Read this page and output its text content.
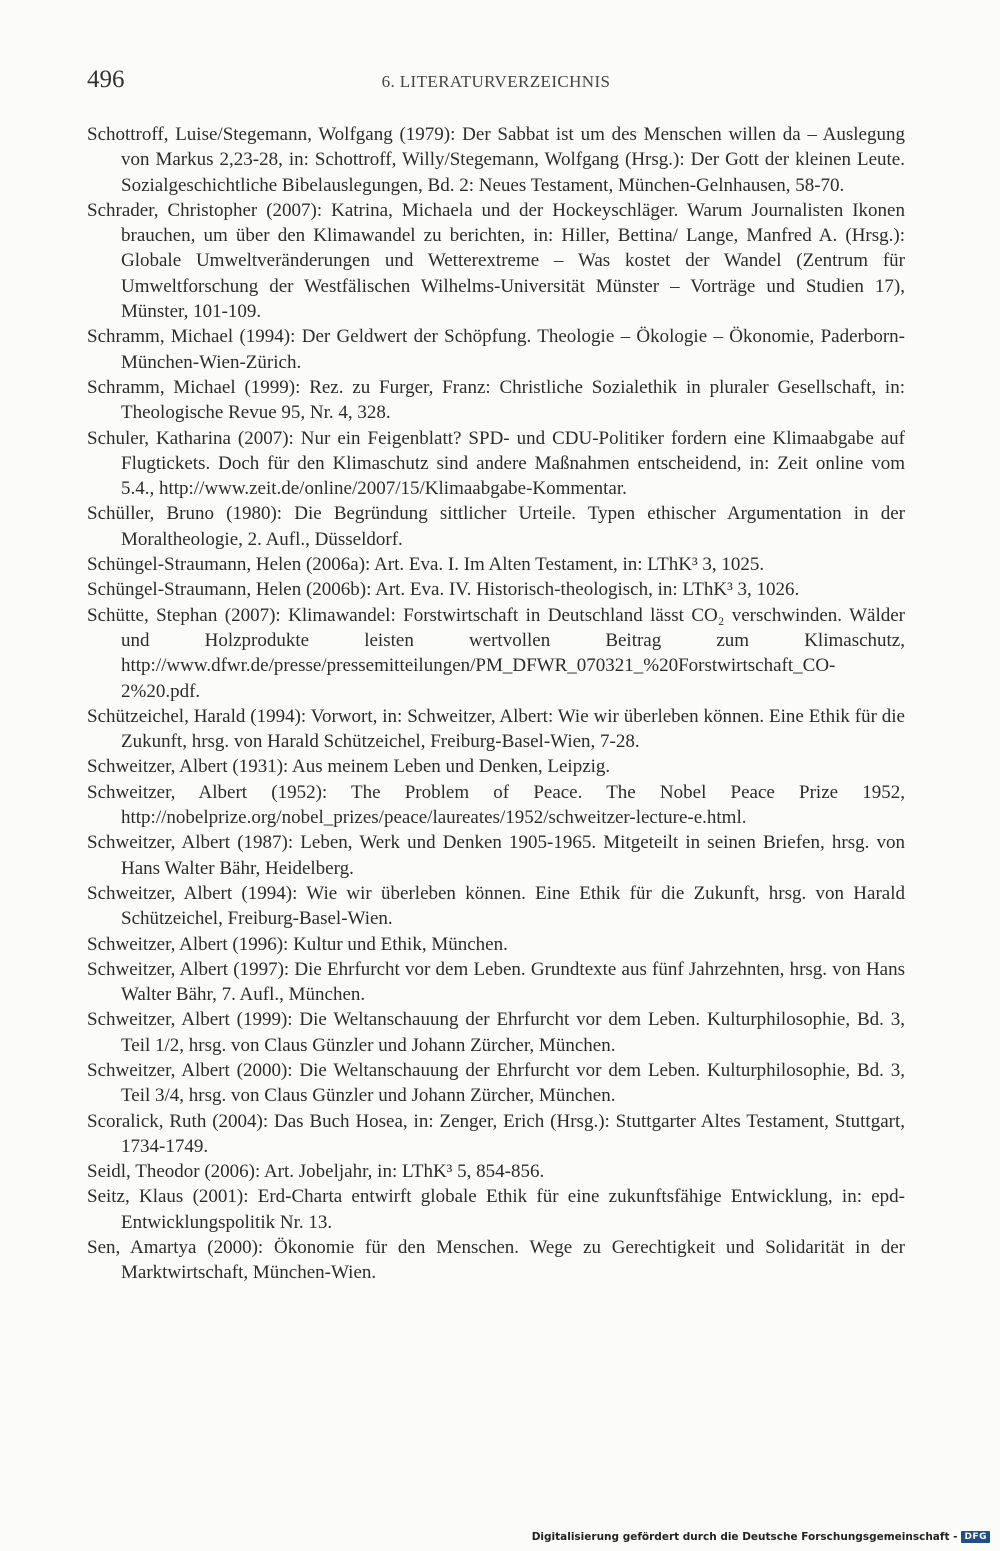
496	6. LITERATURVERZEICHNIS

Schottroff, Luise/Stegemann, Wolfgang (1979): Der Sabbat ist um des Menschen willen da – Auslegung von Markus 2,23-28, in: Schottroff, Willy/Stegemann, Wolfgang (Hrsg.): Der Gott der kleinen Leute. Sozialgeschichtliche Bibelauslegungen, Bd. 2: Neues Testament, München-Gelnhausen, 58-70.

Schrader, Christopher (2007): Katrina, Michaela und der Hockeyschläger. Warum Journalisten Ikonen brauchen, um über den Klimawandel zu berichten, in: Hiller, Bettina/ Lange, Manfred A. (Hrsg.): Globale Umweltveränderungen und Wetterextreme – Was kostet der Wandel (Zentrum für Umweltforschung der Westfälischen Wilhelms-Universität Münster – Vorträge und Studien 17), Münster, 101-109.

Schramm, Michael (1994): Der Geldwert der Schöpfung. Theologie – Ökologie – Ökonomie, Paderborn-München-Wien-Zürich.

Schramm, Michael (1999): Rez. zu Furger, Franz: Christliche Sozialethik in pluraler Gesellschaft, in: Theologische Revue 95, Nr. 4, 328.

Schuler, Katharina (2007): Nur ein Feigenblatt? SPD- und CDU-Politiker fordern eine Klimaabgabe auf Flugtickets. Doch für den Klimaschutz sind andere Maßnahmen entscheidend, in: Zeit online vom 5.4., http://www.zeit.de/online/2007/15/Klimaabgabe-Kommentar.

Schüller, Bruno (1980): Die Begründung sittlicher Urteile. Typen ethischer Argumentation in der Moraltheologie, 2. Aufl., Düsseldorf.

Schüngel-Straumann, Helen (2006a): Art. Eva. I. Im Alten Testament, in: LThK³ 3, 1025.

Schüngel-Straumann, Helen (2006b): Art. Eva. IV. Historisch-theologisch, in: LThK³ 3, 1026.

Schütte, Stephan (2007): Klimawandel: Forstwirtschaft in Deutschland lässt CO₂ verschwinden. Wälder und Holzprodukte leisten wertvollen Beitrag zum Klimaschutz, http://www.dfwr.de/presse/pressemitteilungen/PM_DFWR_070321_%20Forstwirtschaft_CO-2%20.pdf.

Schützeichel, Harald (1994): Vorwort, in: Schweitzer, Albert: Wie wir überleben können. Eine Ethik für die Zukunft, hrsg. von Harald Schützeichel, Freiburg-Basel-Wien, 7-28.

Schweitzer, Albert (1931): Aus meinem Leben und Denken, Leipzig.

Schweitzer, Albert (1952): The Problem of Peace. The Nobel Peace Prize 1952, http://nobelprize.org/nobel_prizes/peace/laureates/1952/schweitzer-lecture-e.html.

Schweitzer, Albert (1987): Leben, Werk und Denken 1905-1965. Mitgeteilt in seinen Briefen, hrsg. von Hans Walter Bähr, Heidelberg.

Schweitzer, Albert (1994): Wie wir überleben können. Eine Ethik für die Zukunft, hrsg. von Harald Schützeichel, Freiburg-Basel-Wien.

Schweitzer, Albert (1996): Kultur und Ethik, München.

Schweitzer, Albert (1997): Die Ehrfurcht vor dem Leben. Grundtexte aus fünf Jahrzehnten, hrsg. von Hans Walter Bähr, 7. Aufl., München.

Schweitzer, Albert (1999): Die Weltanschauung der Ehrfurcht vor dem Leben. Kulturphilosophie, Bd. 3, Teil 1/2, hrsg. von Claus Günzler und Johann Zürcher, München.

Schweitzer, Albert (2000): Die Weltanschauung der Ehrfurcht vor dem Leben. Kulturphilosophie, Bd. 3, Teil 3/4, hrsg. von Claus Günzler und Johann Zürcher, München.

Scoralick, Ruth (2004): Das Buch Hosea, in: Zenger, Erich (Hrsg.): Stuttgarter Altes Testament, Stuttgart, 1734-1749.

Seidl, Theodor (2006): Art. Jobeljahr, in: LThK³ 5, 854-856.

Seitz, Klaus (2001): Erd-Charta entwirft globale Ethik für eine zukunftsfähige Entwicklung, in: epd-Entwicklungspolitik Nr. 13.

Sen, Amartya (2000): Ökonomie für den Menschen. Wege zu Gerechtigkeit und Solidarität in der Marktwirtschaft, München-Wien.

Digitalisierung gefördert durch die Deutsche Forschungsgemeinschaft - DFG
